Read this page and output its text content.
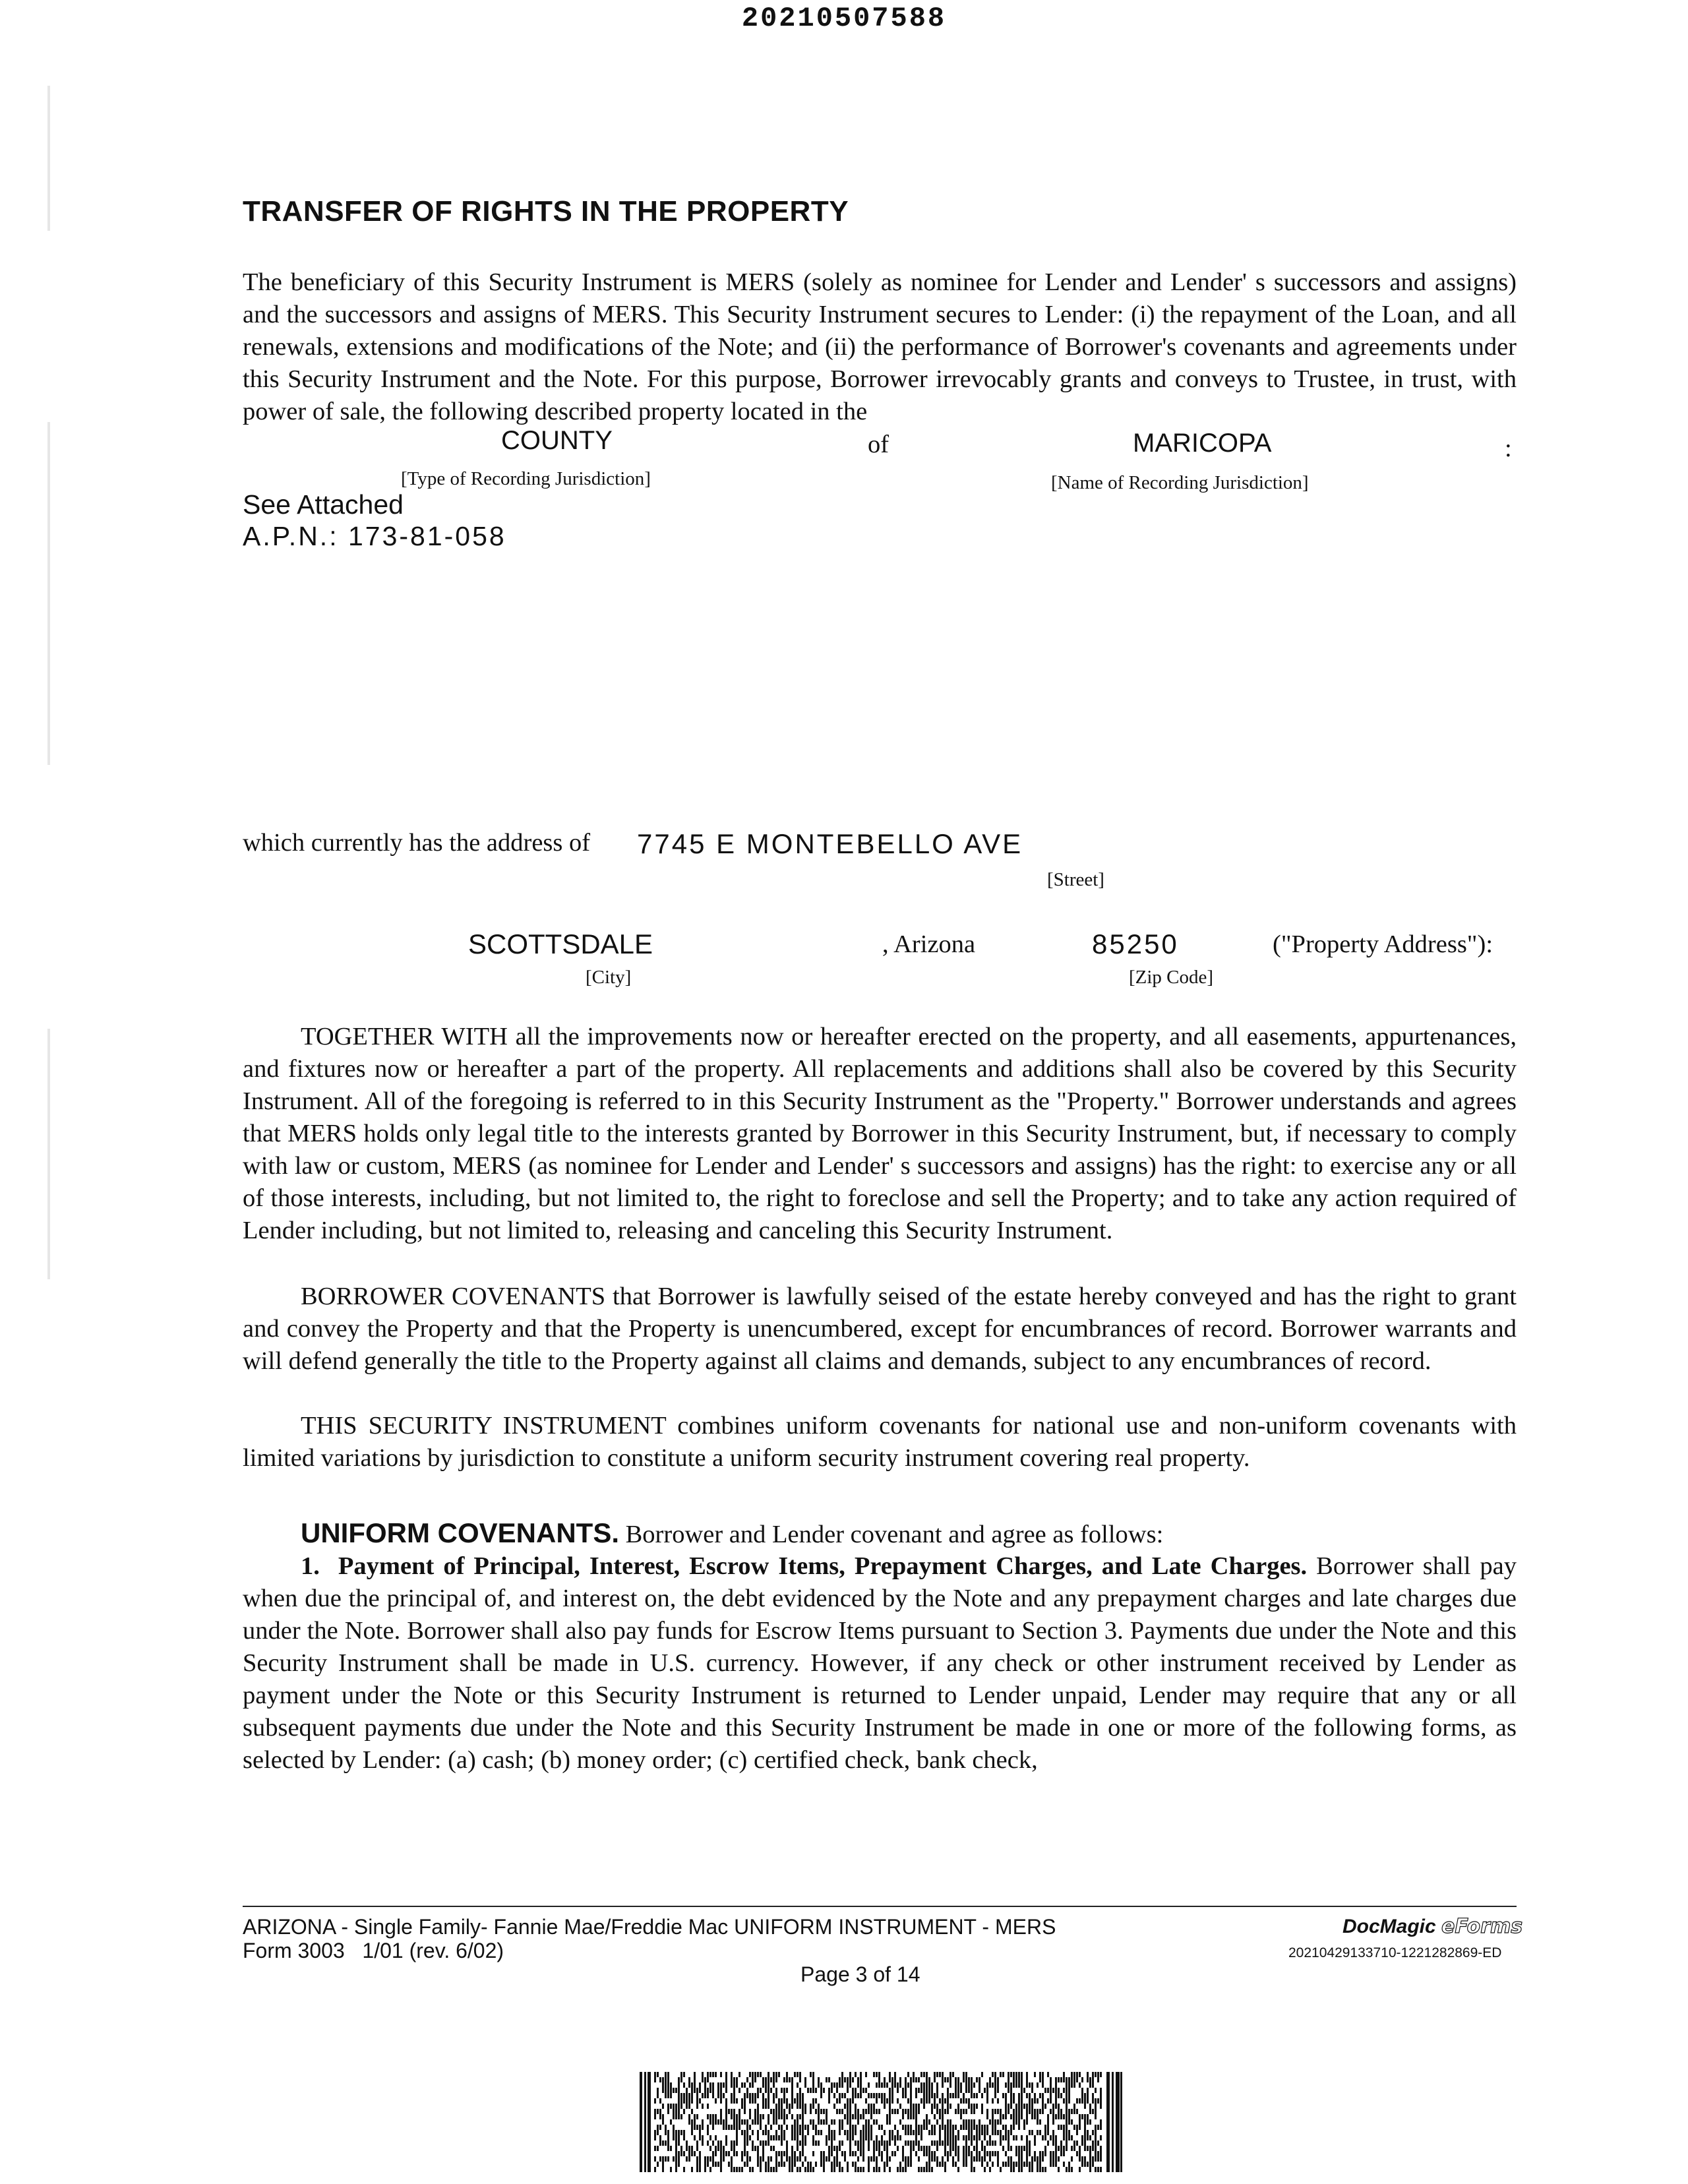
20210507588
TRANSFER OF RIGHTS IN THE PROPERTY
The beneficiary of this Security Instrument is MERS (solely as nominee for Lender and Lender' s successors and assigns) and the successors and assigns of MERS. This Security Instrument secures to Lender: (i) the repayment of the Loan, and all renewals, extensions and modifications of the Note; and (ii) the performance of Borrower's covenants and agreements under this Security Instrument and the Note. For this purpose, Borrower irrevocably grants and conveys to Trustee, in trust, with power of sale, the following described property located in the
COUNTY	of	MARICOPA	:
[Type of Recording Jurisdiction]	[Name of Recording Jurisdiction]
See Attached
A.P.N.: 173-81-058
which currently has the address of 7745 E MONTEBELLO AVE
[Street]
SCOTTSDALE	, Arizona	85250	("Property Address"):
[City]	[Zip Code]
TOGETHER WITH all the improvements now or hereafter erected on the property, and all easements, appurtenances, and fixtures now or hereafter a part of the property. All replacements and additions shall also be covered by this Security Instrument. All of the foregoing is referred to in this Security Instrument as the "Property." Borrower understands and agrees that MERS holds only legal title to the interests granted by Borrower in this Security Instrument, but, if necessary to comply with law or custom, MERS (as nominee for Lender and Lender' s successors and assigns) has the right: to exercise any or all of those interests, including, but not limited to, the right to foreclose and sell the Property; and to take any action required of Lender including, but not limited to, releasing and canceling this Security Instrument.
BORROWER COVENANTS that Borrower is lawfully seised of the estate hereby conveyed and has the right to grant and convey the Property and that the Property is unencumbered, except for encumbrances of record. Borrower warrants and will defend generally the title to the Property against all claims and demands, subject to any encumbrances of record.
THIS SECURITY INSTRUMENT combines uniform covenants for national use and non-uniform covenants with limited variations by jurisdiction to constitute a uniform security instrument covering real property.
UNIFORM COVENANTS. Borrower and Lender covenant and agree as follows:
1. Payment of Principal, Interest, Escrow Items, Prepayment Charges, and Late Charges. Borrower shall pay when due the principal of, and interest on, the debt evidenced by the Note and any prepayment charges and late charges due under the Note. Borrower shall also pay funds for Escrow Items pursuant to Section 3. Payments due under the Note and this Security Instrument shall be made in U.S. currency. However, if any check or other instrument received by Lender as payment under the Note or this Security Instrument is returned to Lender unpaid, Lender may require that any or all subsequent payments due under the Note and this Security Instrument be made in one or more of the following forms, as selected by Lender: (a) cash; (b) money order; (c) certified check, bank check,
ARIZONA - Single Family- Fannie Mae/Freddie Mac UNIFORM INSTRUMENT - MERS
Form 3003   1/01 (rev. 6/02)
DocMagic eForms
20210429133710-1221282869-ED
Page 3 of 14
